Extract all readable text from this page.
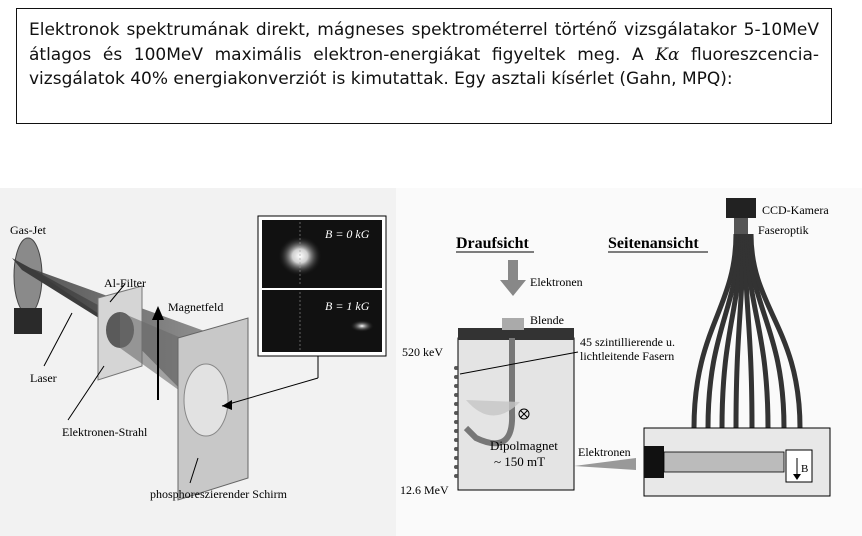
Elektronok spektrumának direkt, mágneses spektrométerrel történő vizsgálatakor 5-10MeV átlagos és 100MeV maximális elektron-energiákat figyeltek meg. A Kα fluoreszcencia-vizsgálatok 40% energiakonverziót is kimutattak. Egy asztali kísérlet (Gahn, MPQ):
B = 0 kG
B = 1 kG
Gas-Jet
Al-Filter
Magnetfeld
Laser
Elektronen-Strahl
phosphoreszierender Schirm
Draufsicht	Seitenansicht
Elektronen
Blende
520 keV
12.6 MeV
45 szintillierende u.
lichtleitende Fasern
Dipolmagnet
~ 150 mT
CCD-Kamera
Faseroptik
B
Elektronen
